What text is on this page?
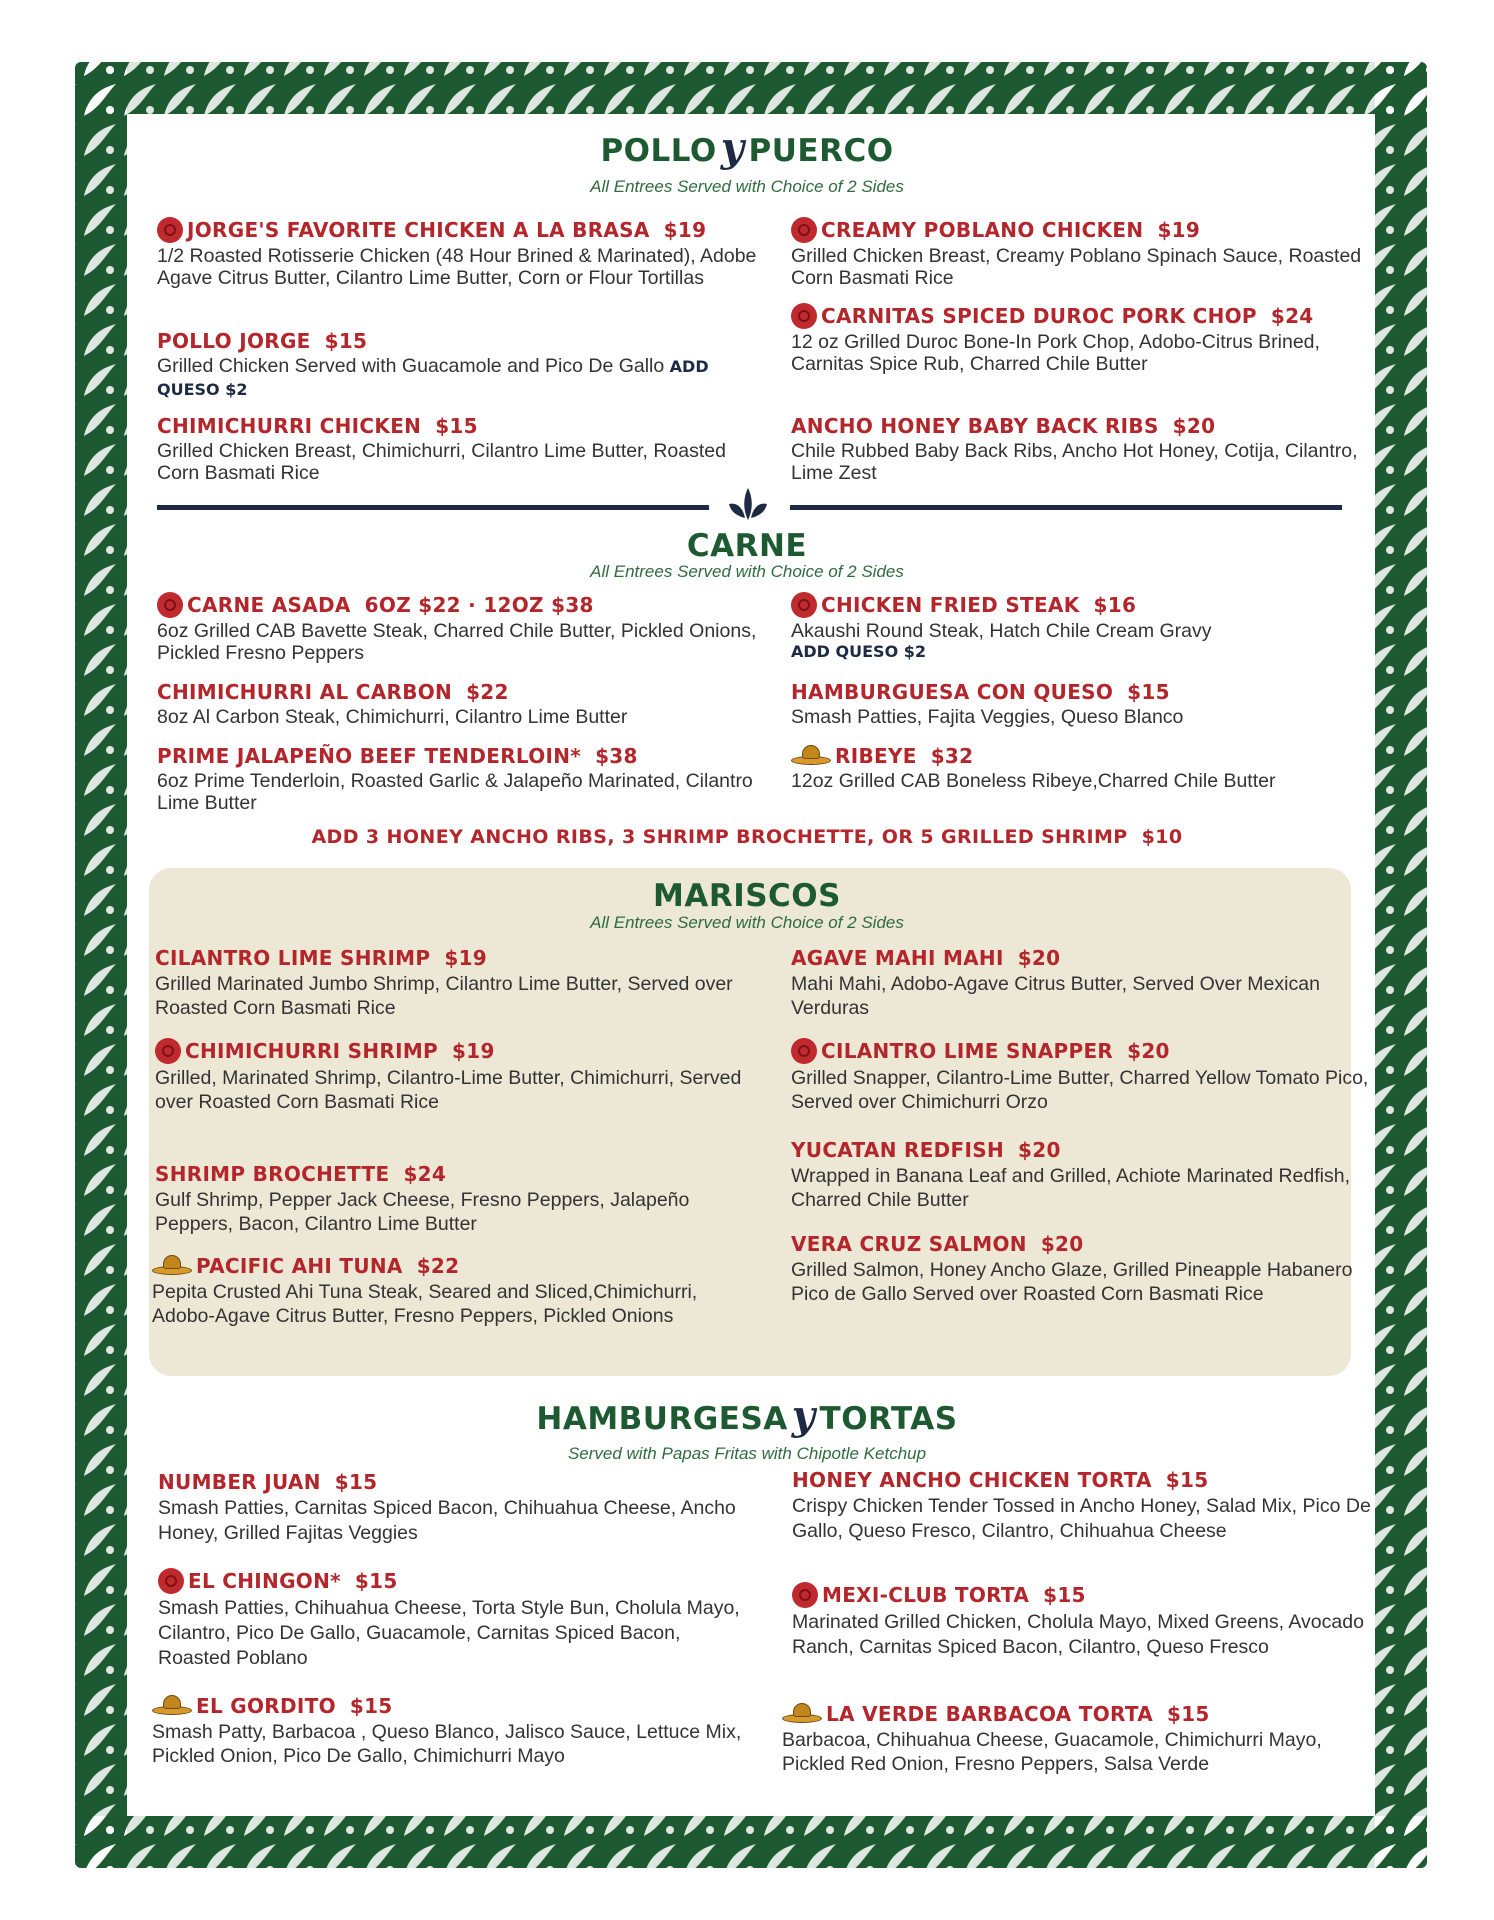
POLLO y PUERCO
All Entrees Served with Choice of 2 Sides
JORGE'S FAVORITE CHICKEN A LA BRASA $19
1/2 Roasted Rotisserie Chicken (48 Hour Brined & Marinated), Adobe Agave Citrus Butter, Cilantro Lime Butter, Corn or Flour Tortillas
POLLO JORGE $15
Grilled Chicken Served with Guacamole and Pico De Gallo ADD QUESO $2
CHIMICHURRI CHICKEN $15
Grilled Chicken Breast, Chimichurri, Cilantro Lime Butter, Roasted Corn Basmati Rice
CREAMY POBLANO CHICKEN $19
Grilled Chicken Breast, Creamy Poblano Spinach Sauce, Roasted Corn Basmati Rice
CARNITAS SPICED DUROC PORK CHOP $24
12 oz Grilled Duroc Bone-In Pork Chop, Adobo-Citrus Brined, Carnitas Spice Rub, Charred Chile Butter
ANCHO HONEY BABY BACK RIBS $20
Chile Rubbed Baby Back Ribs, Ancho Hot Honey, Cotija, Cilantro, Lime Zest
CARNE
All Entrees Served with Choice of 2 Sides
CARNE ASADA 6OZ $22 · 12OZ $38
6oz Grilled CAB Bavette Steak, Charred Chile Butter, Pickled Onions, Pickled Fresno Peppers
CHIMICHURRI AL CARBON $22
8oz Al Carbon Steak, Chimichurri, Cilantro Lime Butter
PRIME JALAPEÑO BEEF TENDERLOIN* $38
6oz Prime Tenderloin, Roasted Garlic & Jalapeño Marinated, Cilantro Lime Butter
CHICKEN FRIED STEAK $16
Akaushi Round Steak, Hatch Chile Cream Gravy
ADD QUESO $2
HAMBURGUESA CON QUESO $15
Smash Patties, Fajita Veggies, Queso Blanco
RIBEYE $32
12oz Grilled CAB Boneless Ribeye,Charred Chile Butter
ADD 3 HONEY ANCHO RIBS, 3 SHRIMP BROCHETTE, OR 5 GRILLED SHRIMP $10
MARISCOS
All Entrees Served with Choice of 2 Sides
CILANTRO LIME SHRIMP $19
Grilled Marinated Jumbo Shrimp, Cilantro Lime Butter, Served over Roasted Corn Basmati Rice
CHIMICHURRI SHRIMP $19
Grilled, Marinated Shrimp, Cilantro-Lime Butter, Chimichurri, Served over Roasted Corn Basmati Rice
SHRIMP BROCHETTE $24
Gulf Shrimp, Pepper Jack Cheese, Fresno Peppers, Jalapeño Peppers, Bacon, Cilantro Lime Butter
PACIFIC AHI TUNA $22
Pepita Crusted Ahi Tuna Steak, Seared and Sliced,Chimichurri, Adobo-Agave Citrus Butter, Fresno Peppers, Pickled Onions
AGAVE MAHI MAHI $20
Mahi Mahi, Adobo-Agave Citrus Butter, Served Over Mexican Verduras
CILANTRO LIME SNAPPER $20
Grilled Snapper, Cilantro-Lime Butter, Charred Yellow Tomato Pico, Served over Chimichurri Orzo
YUCATAN REDFISH $20
Wrapped in Banana Leaf and Grilled, Achiote Marinated Redfish, Charred Chile Butter
VERA CRUZ SALMON $20
Grilled Salmon, Honey Ancho Glaze, Grilled Pineapple Habanero Pico de Gallo Served over Roasted Corn Basmati Rice
HAMBURGESA y TORTAS
Served with Papas Fritas with Chipotle Ketchup
NUMBER JUAN $15
Smash Patties, Carnitas Spiced Bacon, Chihuahua Cheese, Ancho Honey, Grilled Fajitas Veggies
EL CHINGON* $15
Smash Patties, Chihuahua Cheese, Torta Style Bun, Cholula Mayo, Cilantro, Pico De Gallo, Guacamole, Carnitas Spiced Bacon, Roasted Poblano
EL GORDITO $15
Smash Patty, Barbacoa , Queso Blanco, Jalisco Sauce, Lettuce Mix, Pickled Onion, Pico De Gallo, Chimichurri Mayo
HONEY ANCHO CHICKEN TORTA $15
Crispy Chicken Tender Tossed in Ancho Honey, Salad Mix, Pico De Gallo, Queso Fresco, Cilantro, Chihuahua Cheese
MEXI-CLUB TORTA $15
Marinated Grilled Chicken, Cholula Mayo, Mixed Greens, Avocado Ranch, Carnitas Spiced Bacon, Cilantro, Queso Fresco
LA VERDE BARBACOA TORTA $15
Barbacoa, Chihuahua Cheese, Guacamole, Chimichurri Mayo, Pickled Red Onion, Fresno Peppers, Salsa Verde
